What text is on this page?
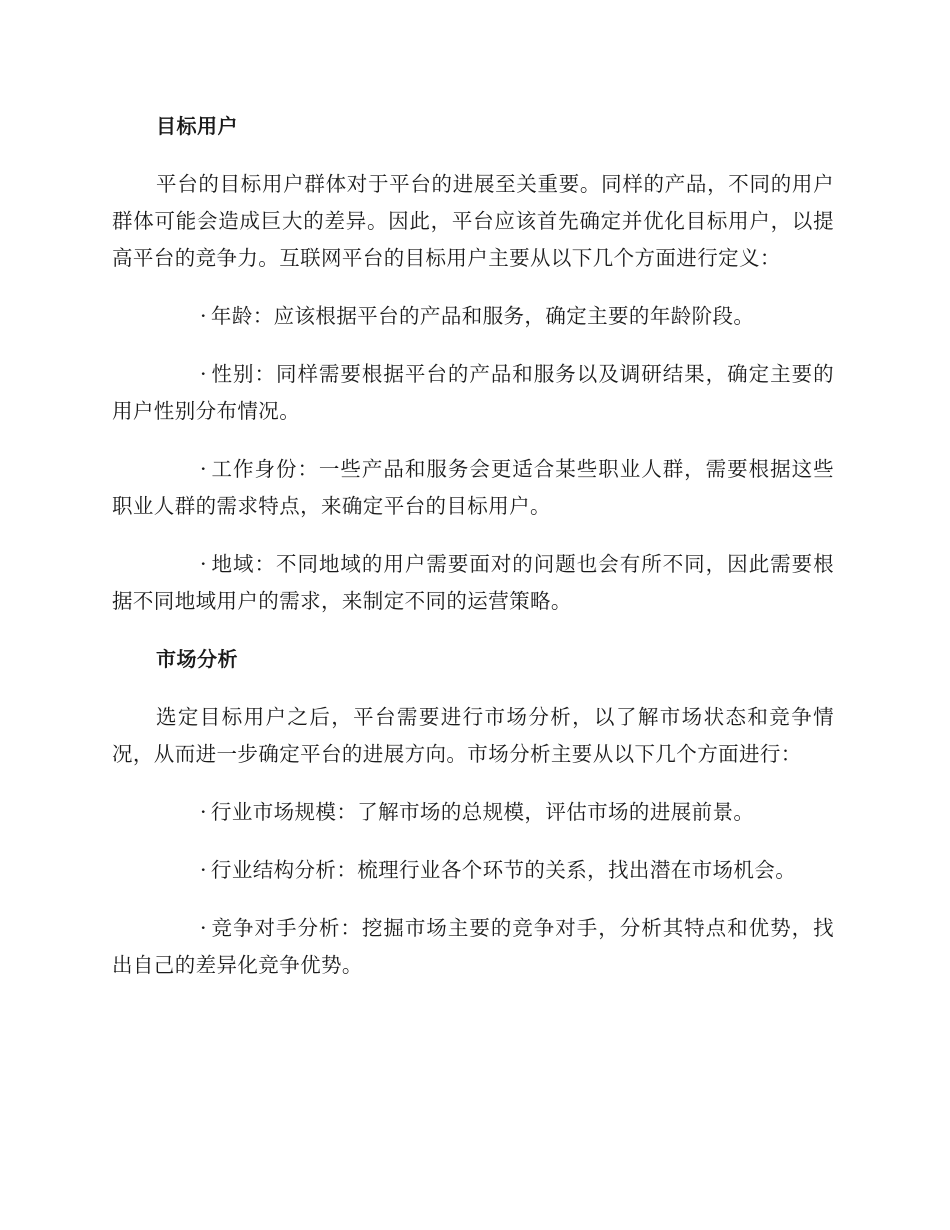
目标用户

平台的目标用户群体对于平台的进展至关重要。同样的产品，不同的用户群体可能会造成巨大的差异。因此，平台应该首先确定并优化目标用户，以提高平台的竞争力。互联网平台的目标用户主要从以下几个方面进行定义：

· 年龄：应该根据平台的产品和服务，确定主要的年龄阶段。

· 性别：同样需要根据平台的产品和服务以及调研结果，确定主要的用户性别分布情况。

· 工作身份：一些产品和服务会更适合某些职业人群，需要根据这些职业人群的需求特点，来确定平台的目标用户。

· 地域：不同地域的用户需要面对的问题也会有所不同，因此需要根据不同地域用户的需求，来制定不同的运营策略。

市场分析

选定目标用户之后，平台需要进行市场分析，以了解市场状态和竞争情况，从而进一步确定平台的进展方向。市场分析主要从以下几个方面进行：

· 行业市场规模：了解市场的总规模，评估市场的进展前景。

· 行业结构分析：梳理行业各个环节的关系，找出潜在市场机会。

· 竞争对手分析：挖掘市场主要的竞争对手，分析其特点和优势，找出自己的差异化竞争优势。
